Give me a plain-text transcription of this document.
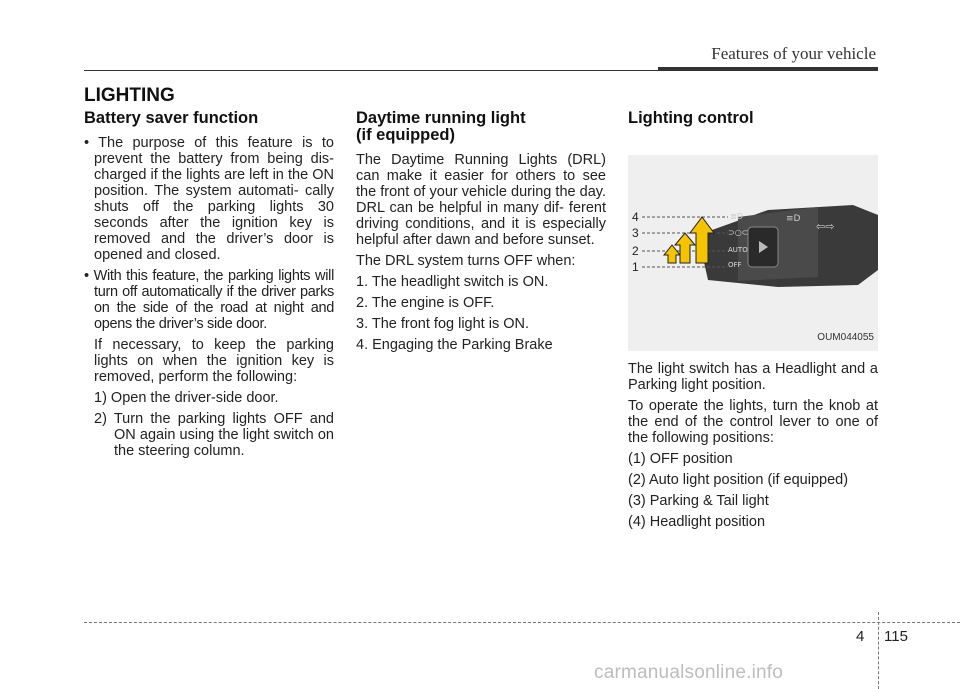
Features of your vehicle
LIGHTING
Battery saver function

• The purpose of this feature is to prevent the battery from being dis- charged if the lights are left in the ON position. The system automati- cally shuts off the parking lights 30 seconds after the ignition key is removed and the driver’s door is opened and closed.

• With this feature, the parking lights will turn off automatically if the driver parks on the side of the road at night and opens the driver’s side door.

If necessary, to keep the parking lights on when the ignition key is removed, perform the following:

1) Open the driver-side door.

2) Turn the parking lights OFF and ON again using the light switch on the steering column.

Daytime running light
(if equipped)

The Daytime Running Lights (DRL) can make it easier for others to see the front of your vehicle during the day. DRL can be helpful in many dif- ferent driving conditions, and it is especially helpful after dawn and before sunset.

The DRL system turns OFF when:

1. The headlight switch is ON.

2. The engine is OFF.

3. The front fog light is ON.

4. Engaging the Parking Brake

Lighting control
≡D
⇦⇨
≣D
⊃○⊂
AUTO
OFF
4
3
2
1
OUM044055

The light switch has a Headlight and a Parking light position.

To operate the lights, turn the knob at the end of the control lever to one of the following positions:

(1) OFF position

(2) Auto light position (if equipped)

(3) Parking & Tail light

(4) Headlight position

4 115
carmanualsonline.info
